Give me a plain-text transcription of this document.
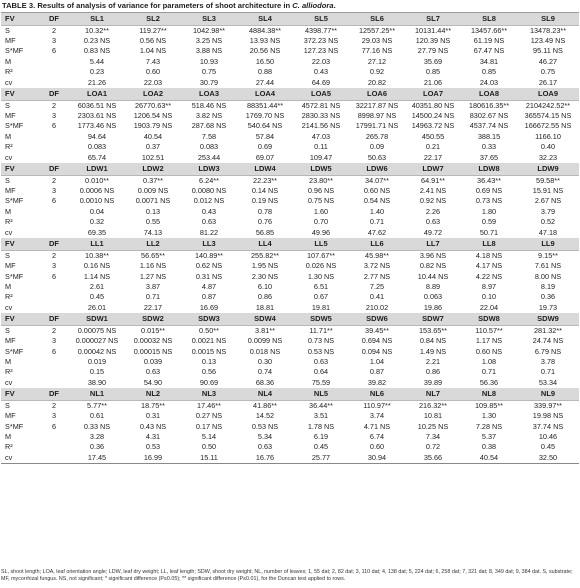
TABLE 3. Results of analysis of variance for parameters of shoot architecture in C. alliodora.
FV	DF	SL1	SL2	SL3	SL4	SL5	SL6	SL7	SL8	SL9
S	2	10.32**	119.27**	1042.98**	4884.38**	4398.77**	12557.25**	10131.44**	13457.66**	13478.23**
MF	3	0.23 NS	0.56 NS	3.25 NS	13.93 NS	372.23 NS	29.03 NS	120.39 NS	61.19 NS	123.49 NS
S*MF	6	0.83 NS	1.04 NS	3.88 NS	20.56 NS	127.23 NS	77.16 NS	27.79 NS	67.47 NS	95.11 NS
M		5.44	7.43	10.93	16.50	22.03	27.12	35.69	34.81	46.27
R²		0.23	0.60	0.75	0.88	0.43	0.92	0.85	0.85	0.75
cv		21.26	22.03	30.79	27.44	64.69	20.82	21.06	24.03	26.17
FV	DF	LOA1	LOA2	LOA3	LOA4	LOA5	LOA6	LOA7	LOA8	LOA9
S	2	6036.51 NS	26770.63**	518.46 NS	88351.44**	4572.81 NS	32217.87 NS	40351.80 NS	180616.35**	2104242.52**
MF	3	2303.61 NS	1206.54 NS	3.82 NS	1769.70 NS	2830.33 NS	8998.97 NS	14500.24 NS	8302.67 NS	365574.15 NS
S*MF	6	1773.46 NS	1903.79 NS	287.68 NS	540.64 NS	2141.56 NS	17991.71 NS	14963.72 NS	4537.74 NS	166672.55 NS
M		94.64	40.54	7.58	57.84	47.03	265.78	450.55	388.15	1166.10
R²		0.083	0.37	0.083	0.69	0.11	0.09	0.21	0.33	0.40
cv		65.74	102.51	253.44	69.07	109.47	50.63	22.17	37.65	32.23
FV	DF	LDW1	LDW2	LDW3	LDW4	LDW5	LDW6	LDW7	LDW8	LDW9
S	2	0.010**	0.37**	6.24**	22.23**	23.80**	34.07**	64.91**	36.43**	59.58**
MF	3	0.0006 NS	0.009 NS	0.0080 NS	0.14 NS	0.96 NS	0.60 NS	2.41 NS	0.69 NS	15.91 NS
S*MF	6	0.0010 NS	0.0071 NS	0.012 NS	0.19 NS	0.75 NS	0.54 NS	0.92 NS	0.73 NS	2.67 NS
M		0.04	0.13	0.43	0.78	1.60	1.40	2.26	1.80	3.79
R²		0.32	0.55	0.63	0.76	0.70	0.71	0.63	0.59	0.52
cv		69.35	74.13	81.22	56.85	49.96	47.62	49.72	50.71	47.18
FV	DF	LL1	LL2	LL3	LL4	LL5	LL6	LL7	LL8	LL9
S	2	10.38**	56.65**	140.89**	255.82**	107.67**	45.98**	3.96 NS	4.18 NS	9.15**
MF	3	0.16 NS	1.16 NS	0.62 NS	1.95 NS	0.026 NS	3.72 NS	0.82 NS	4.17 NS	7.61 NS
S*MF	6	1.14 NS	1.27 NS	0.31 NS	2.30 NS	1.30 NS	2.77 NS	10.44 NS	4.22 NS	8.00 NS
M		2.61	3.87	4.87	6.10	6.51	7.25	8.89	8.97	8.19
R²		0.45	0.71	0.87	0.86	0.67	0.41	0.063	0.10	0.36
cv		26.01	22.17	16.69	18.81	19.81	210.02	19.86	22.04	19.73
FV	DF	SDW1	SDW2	SDW3	SDW4	SDW5	SDW6	SDW7	SDW8	SDW9
S	2	0.00075 NS	0.015**	0.50**	3.81**	11.71**	39.45**	153.65**	110.57**	281.32**
MF	3	0.000027 NS	0.00032 NS	0.0021 NS	0.0099 NS	0.73 NS	0.694 NS	0.84 NS	1.17 NS	24.74 NS
S*MF	6	0.00042 NS	0.00015 NS	0.0015 NS	0.018 NS	0.53 NS	0.094 NS	1.49 NS	0.60 NS	6.79 NS
M		0.019	0.039	0.13	0.30	0.63	1.04	2.21	1.08	3.78
R²		0.15	0.63	0.56	0.74	0.64	0.87	0.86	0.71	0.71
cv		38.90	54.90	90.69	68.36	75.59	39.82	39.89	56.36	53.34
FV	DF	NL1	NL2	NL3	NL4	NL5	NL6	NL7	NL8	NL9
S	2	5.77**	18.75**	17.46**	41.86**	36.44**	110.97**	216.32**	109.85**	339.97**
MF	3	0.61	0.31	0.27 NS	14.52	3.51	3.74	10.81	1.30	19.98 NS
S*MF	6	0.33 NS	0.43 NS	0.17 NS	0.53 NS	1.78 NS	4.71 NS	10.25 NS	7.28 NS	37.74 NS
M		3.28	4.31	5.14	5.34	6.19	6.74	7.34	5.37	10.46
R²		0.36	0.53	0.50	0.63	0.45	0.60	0.72	0.38	0.45
cv		17.45	16.99	15.11	16.76	25.77	30.94	35.66	40.54	32.50
SL, shoot length; LOA, leaf orientation angle; LDW, leaf dry weight; LL, leaf length; SDW, shoot dry weight; NL, number of leaves; 1, 55 dat; 2, 82 dat; 3, 110 dat; 4, 138 dat; 5, 224 dat; 6, 258 dat; 7, 321 dat; 8, 349 dat; 9, 384 dat. S, substrate; MF, mycorrhizal fungus. NS, not significant; * significant difference (P≤0.05); ** significant difference (P≤0.01), for the Duncan test applied to rows.
